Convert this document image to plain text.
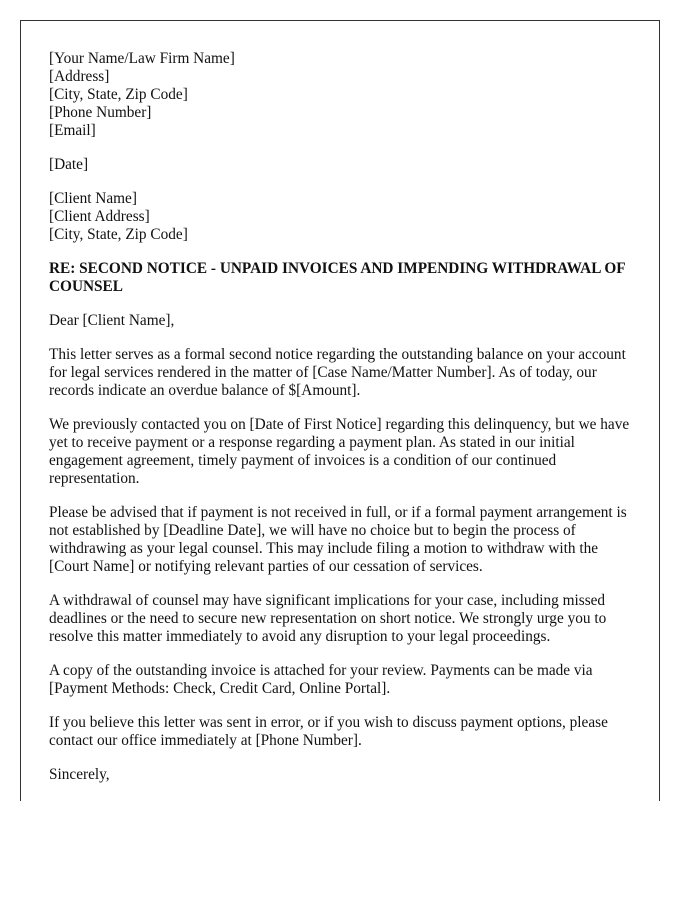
[Your Name/Law Firm Name]
[Address]
[City, State, Zip Code]
[Phone Number]
[Email]
[Date]
[Client Name]
[Client Address]
[City, State, Zip Code]

RE: SECOND NOTICE - UNPAID INVOICES AND IMPENDING WITHDRAWAL OF COUNSEL

Dear [Client Name],

This letter serves as a formal second notice regarding the outstanding balance on your account for legal services rendered in the matter of [Case Name/Matter Number]. As of today, our records indicate an overdue balance of $[Amount].

We previously contacted you on [Date of First Notice] regarding this delinquency, but we have yet to receive payment or a response regarding a payment plan. As stated in our initial engagement agreement, timely payment of invoices is a condition of our continued representation.

Please be advised that if payment is not received in full, or if a formal payment arrangement is not established by [Deadline Date], we will have no choice but to begin the process of withdrawing as your legal counsel. This may include filing a motion to withdraw with the [Court Name] or notifying relevant parties of our cessation of services.

A withdrawal of counsel may have significant implications for your case, including missed deadlines or the need to secure new representation on short notice. We strongly urge you to resolve this matter immediately to avoid any disruption to your legal proceedings.

A copy of the outstanding invoice is attached for your review. Payments can be made via [Payment Methods: Check, Credit Card, Online Portal].

If you believe this letter was sent in error, or if you wish to discuss payment options, please contact our office immediately at [Phone Number].

Sincerely,
